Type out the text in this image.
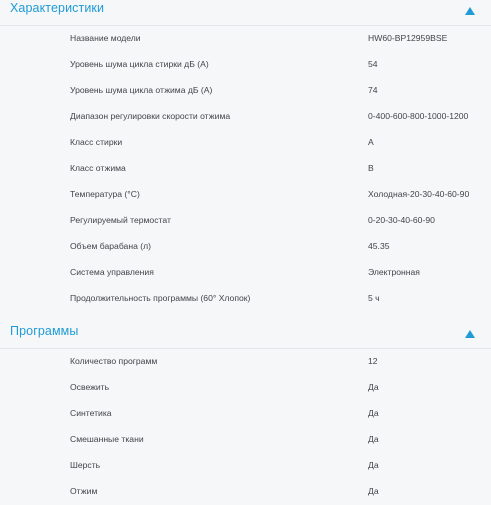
Характеристики
Название модели	HW60-BP12959BSE
Уровень шума цикла стирки дБ (А)	54
Уровень шума цикла отжима дБ (А)	74
Диапазон регулировки скорости отжима	0-400-600-800-1000-1200
Класс стирки	A
Класс отжима	B
Температура (°С)	Холодная-20-30-40-60-90
Регулируемый термостат	0-20-30-40-60-90
Объем барабана (л)	45.35
Система управления	Электронная
Продолжительность программы (60° Хлопок)	5 ч
Программы
Количество программ	12
Освежить	Да
Синтетика	Да
Смешанные ткани	Да
Шерсть	Да
Отжим	Да
